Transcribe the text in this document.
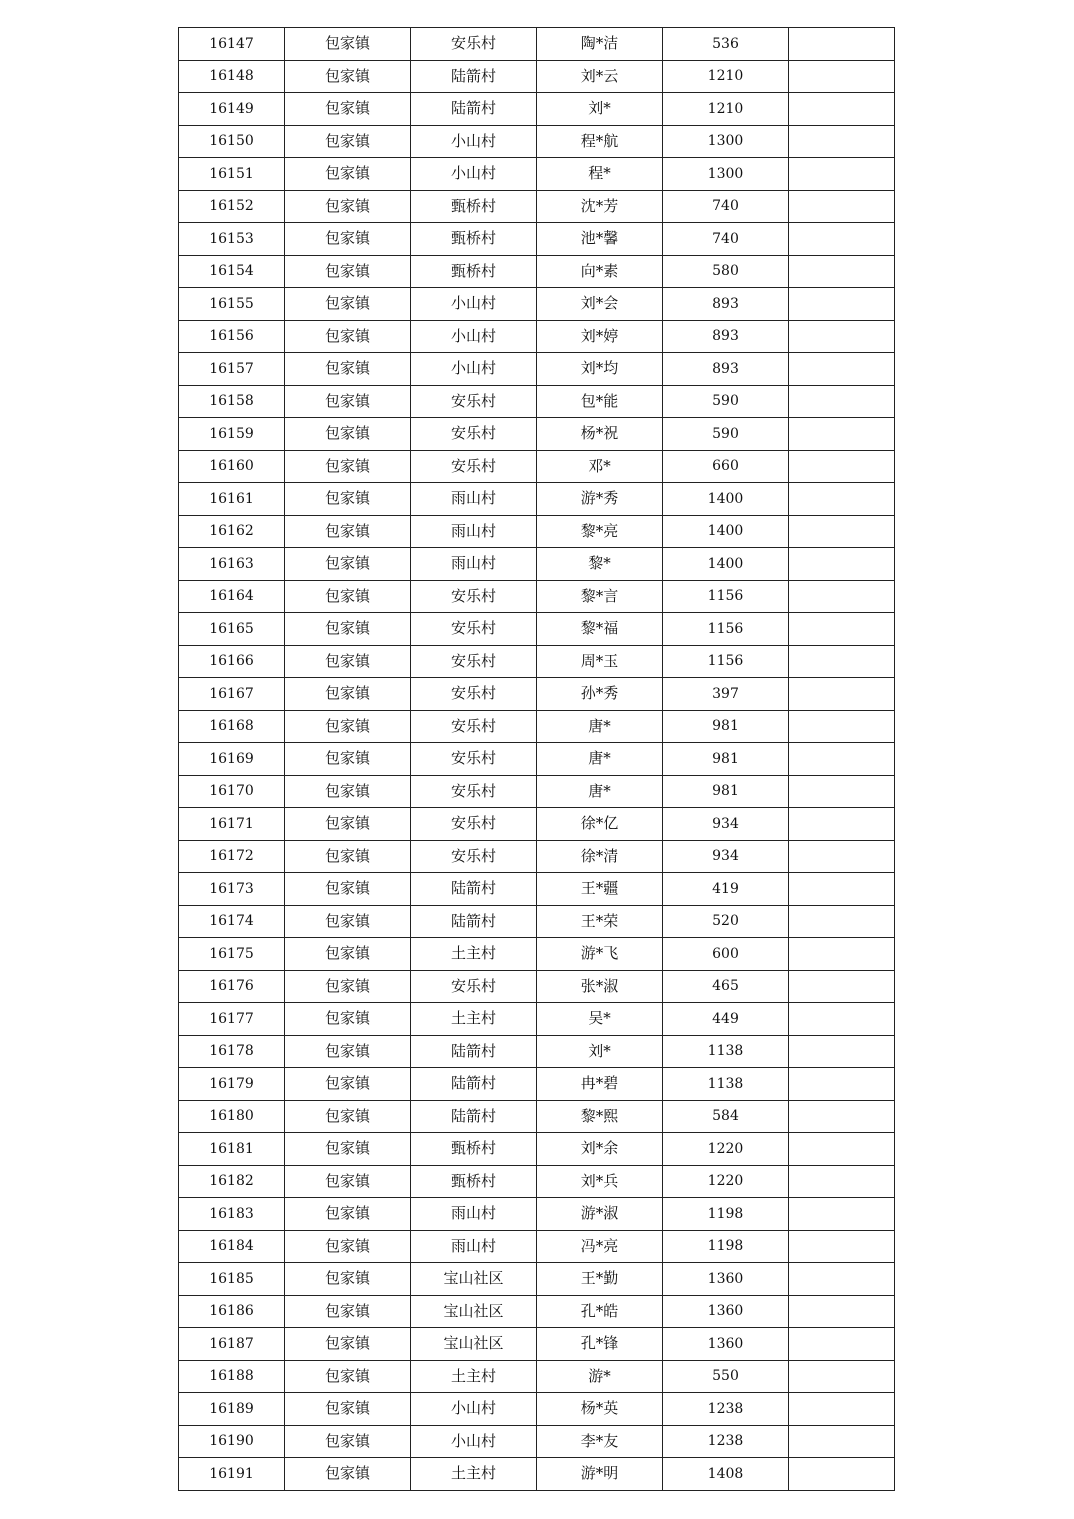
16147	包家镇	安乐村	陶*洁	536	
16148	包家镇	陆箭村	刘*云	1210	
16149	包家镇	陆箭村	刘*	1210	
16150	包家镇	小山村	程*航	1300	
16151	包家镇	小山村	程*	1300	
16152	包家镇	甄桥村	沈*芳	740	
16153	包家镇	甄桥村	池*馨	740	
16154	包家镇	甄桥村	向*素	580	
16155	包家镇	小山村	刘*会	893	
16156	包家镇	小山村	刘*婷	893	
16157	包家镇	小山村	刘*均	893	
16158	包家镇	安乐村	包*能	590	
16159	包家镇	安乐村	杨*祝	590	
16160	包家镇	安乐村	邓*	660	
16161	包家镇	雨山村	游*秀	1400	
16162	包家镇	雨山村	黎*亮	1400	
16163	包家镇	雨山村	黎*	1400	
16164	包家镇	安乐村	黎*言	1156	
16165	包家镇	安乐村	黎*福	1156	
16166	包家镇	安乐村	周*玉	1156	
16167	包家镇	安乐村	孙*秀	397	
16168	包家镇	安乐村	唐*	981	
16169	包家镇	安乐村	唐*	981	
16170	包家镇	安乐村	唐*	981	
16171	包家镇	安乐村	徐*亿	934	
16172	包家镇	安乐村	徐*清	934	
16173	包家镇	陆箭村	王*疆	419	
16174	包家镇	陆箭村	王*荣	520	
16175	包家镇	土主村	游*飞	600	
16176	包家镇	安乐村	张*淑	465	
16177	包家镇	土主村	吴*	449	
16178	包家镇	陆箭村	刘*	1138	
16179	包家镇	陆箭村	冉*碧	1138	
16180	包家镇	陆箭村	黎*熙	584	
16181	包家镇	甄桥村	刘*余	1220	
16182	包家镇	甄桥村	刘*兵	1220	
16183	包家镇	雨山村	游*淑	1198	
16184	包家镇	雨山村	冯*亮	1198	
16185	包家镇	宝山社区	王*勤	1360	
16186	包家镇	宝山社区	孔*皓	1360	
16187	包家镇	宝山社区	孔*锋	1360	
16188	包家镇	土主村	游*	550	
16189	包家镇	小山村	杨*英	1238	
16190	包家镇	小山村	李*友	1238	
16191	包家镇	土主村	游*明	1408	
